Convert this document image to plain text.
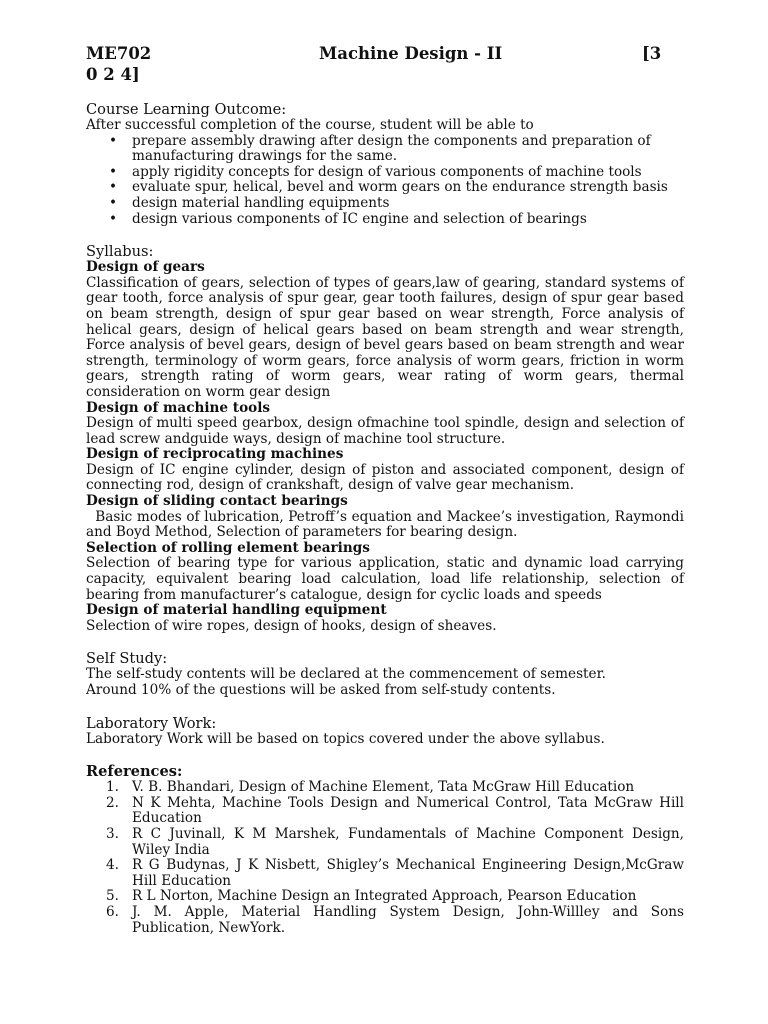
ME702	Machine Design - II	[3
0 2 4]
Course Learning Outcome:
After successful completion of the course, student will be able to
• prepare assembly drawing after design the components and preparation of manufacturing drawings for the same.
• apply rigidity concepts for design of various components of machine tools
• evaluate spur, helical, bevel and worm gears on the endurance strength basis
• design material handling equipments
• design various components of IC engine and selection of bearings
Syllabus:
Design of gears
Classification of gears, selection of types of gears,law of gearing, standard systems of gear tooth, force analysis of spur gear, gear tooth failures, design of spur gear based on beam strength, design of spur gear based on wear strength, Force analysis of helical gears, design of helical gears based on beam strength and wear strength, Force analysis of bevel gears, design of bevel gears based on beam strength and wear strength, terminology of worm gears, force analysis of worm gears, friction in worm gears, strength rating of worm gears, wear rating of worm gears, thermal consideration on worm gear design
Design of machine tools
Design of multi speed gearbox, design ofmachine tool spindle, design and selection of lead screw andguide ways, design of machine tool structure.
Design of reciprocating machines
Design of IC engine cylinder, design of piston and associated component, design of connecting rod, design of crankshaft, design of valve gear mechanism.
Design of sliding contact bearings
Basic modes of lubrication, Petroff’s equation and Mackee’s investigation, Raymondi and Boyd Method, Selection of parameters for bearing design.
Selection of rolling element bearings
Selection of bearing type for various application, static and dynamic load carrying capacity, equivalent bearing load calculation, load life relationship, selection of bearing from manufacturer’s catalogue, design for cyclic loads and speeds
Design of material handling equipment
Selection of wire ropes, design of hooks, design of sheaves.
Self Study:
The self-study contents will be declared at the commencement of semester.
Around 10% of the questions will be asked from self-study contents.
Laboratory Work:
Laboratory Work will be based on topics covered under the above syllabus.
References:
1. V. B. Bhandari, Design of Machine Element, Tata McGraw Hill Education
2. N K Mehta, Machine Tools Design and Numerical Control, Tata McGraw Hill Education
3. R C Juvinall, K M Marshek, Fundamentals of Machine Component Design, Wiley India
4. R G Budynas, J K Nisbett, Shigley’s Mechanical Engineering Design,McGraw Hill Education
5. R L Norton, Machine Design an Integrated Approach, Pearson Education
6. J. M. Apple, Material Handling System Design, John-Willley and Sons Publication, NewYork.
